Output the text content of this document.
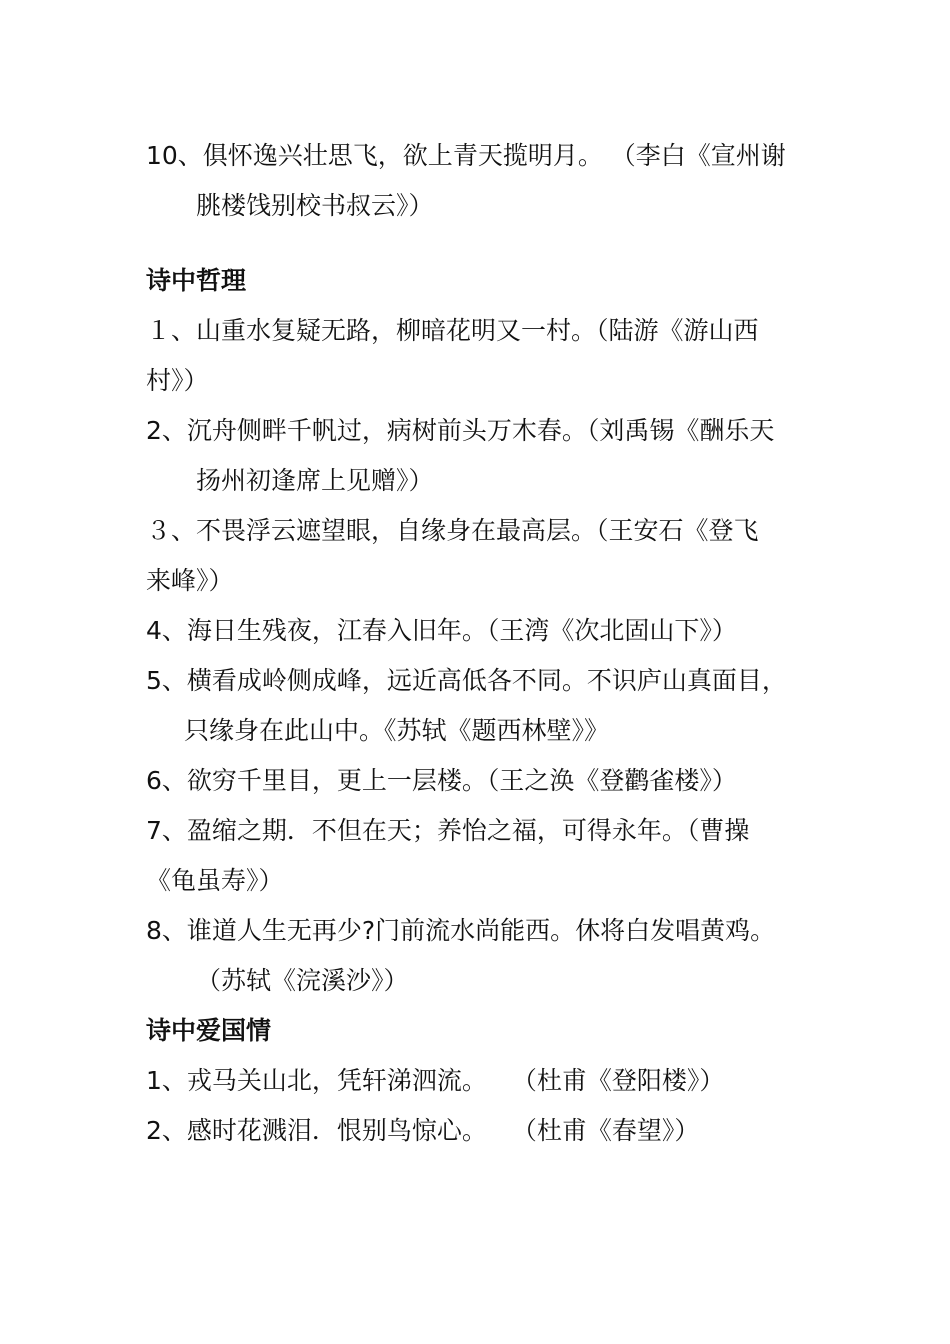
10、俱怀逸兴壮思飞，欲上青天揽明月。 （李白《宣州谢
朓楼饯别校书叔云》）
诗中哲理
１、山重水复疑无路，柳暗花明又一村。（陆游《游山西
村》）
2、沉舟侧畔千帆过，病树前头万木春。（刘禹锡《酬乐天
扬州初逢席上见赠》）
３、不畏浮云遮望眼，自缘身在最高层。（王安石《登飞
来峰》）
4、海日生残夜，江春入旧年。（王湾《次北固山下》）
5、横看成岭侧成峰，远近高低各不同。不识庐山真面目，
只缘身在此山中。《苏轼《题西林壁》》
6、欲穷千里目，更上一层楼。（王之涣《登鹳雀楼》）
7、盈缩之期．不但在天；养怡之福，可得永年。（曹操
《龟虽寿》）
8、谁道人生无再少?门前流水尚能西。休将白发唱黄鸡。
（苏轼《浣溪沙》）
诗中爱国情
1、戎马关山北，凭轩涕泗流。　　（杜甫《登阳楼》）
2、感时花溅泪．恨别鸟惊心。　　（杜甫《春望》）
